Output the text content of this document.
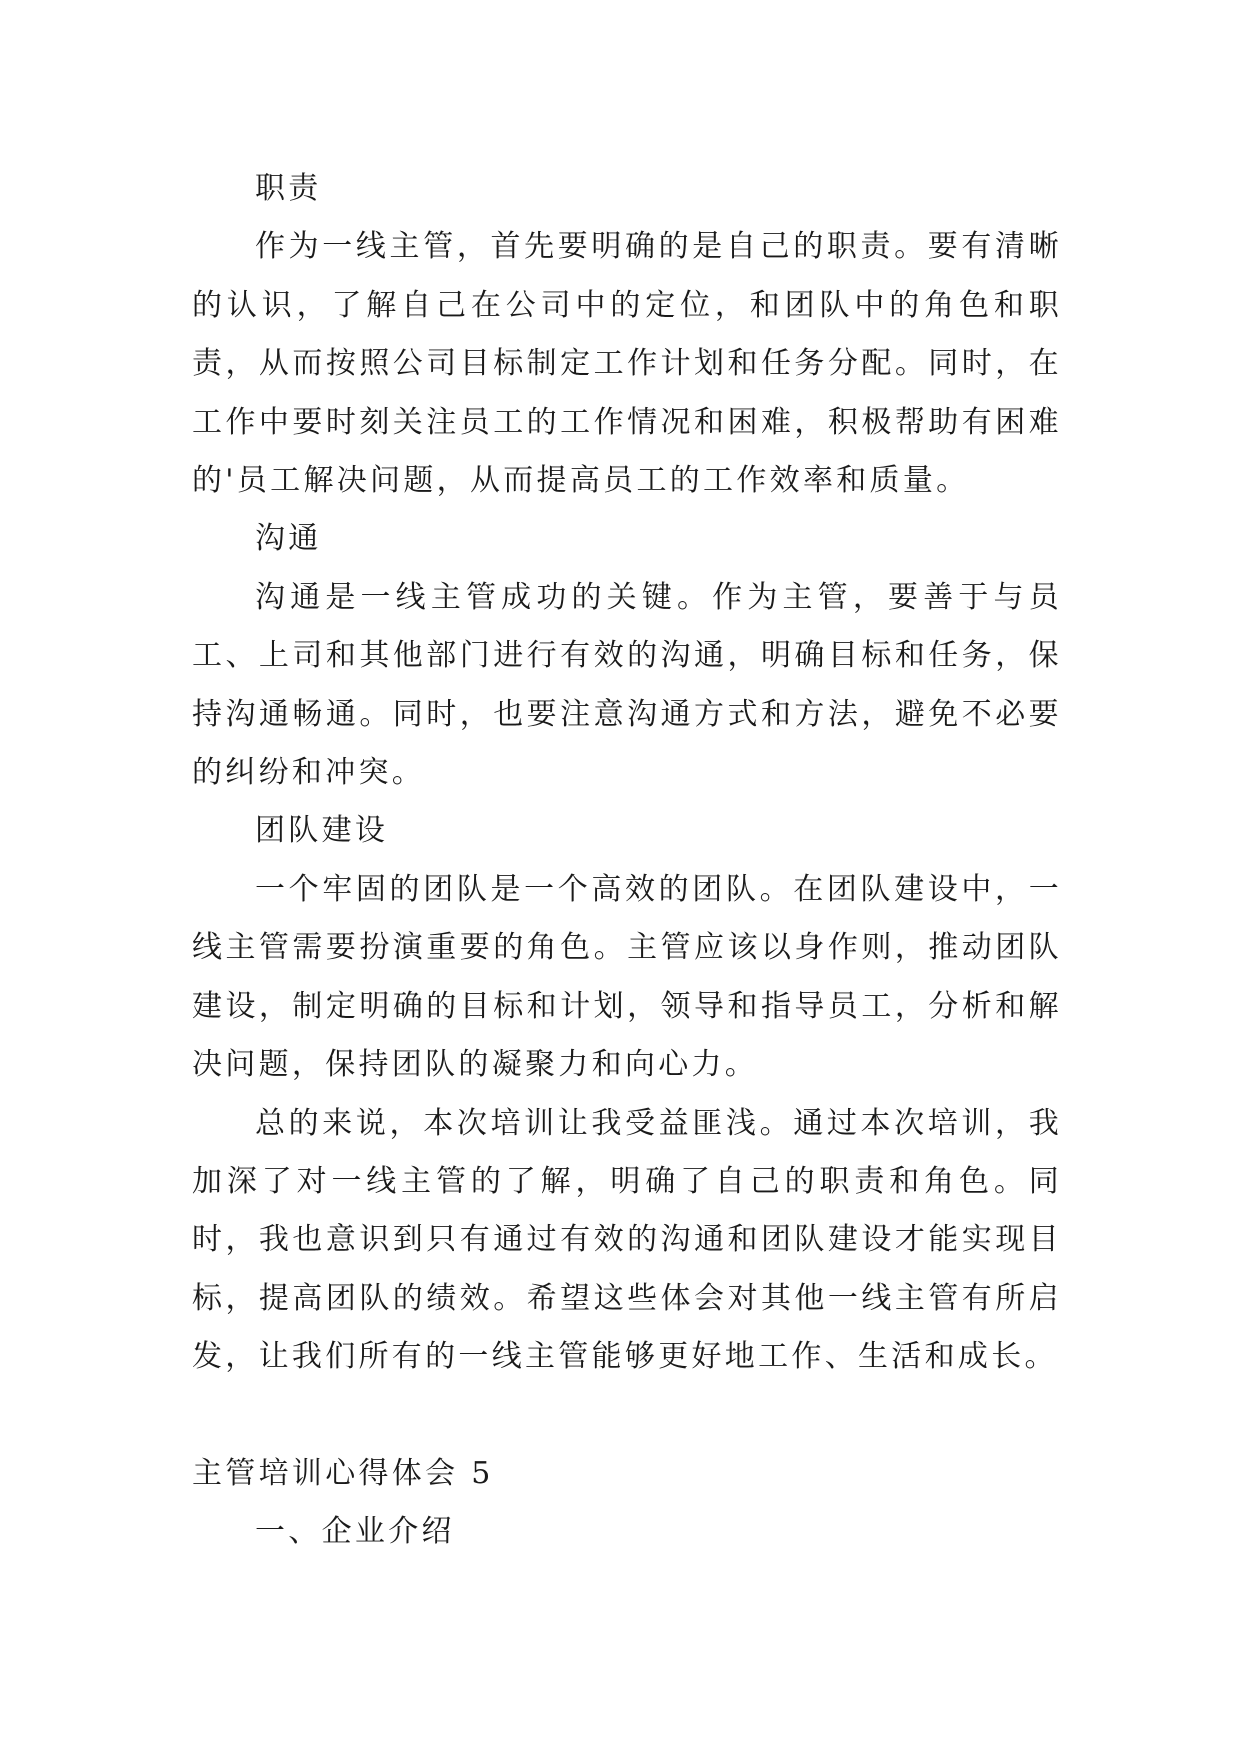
职责

作为一线主管，首先要明确的是自己的职责。要有清晰的认识，了解自己在公司中的定位，和团队中的角色和职责，从而按照公司目标制定工作计划和任务分配。同时，在工作中要时刻关注员工的工作情况和困难，积极帮助有困难的'员工解决问题，从而提高员工的工作效率和质量。

沟通

沟通是一线主管成功的关键。作为主管，要善于与员工、上司和其他部门进行有效的沟通，明确目标和任务，保持沟通畅通。同时，也要注意沟通方式和方法，避免不必要的纠纷和冲突。

团队建设

一个牢固的团队是一个高效的团队。在团队建设中，一线主管需要扮演重要的角色。主管应该以身作则，推动团队建设，制定明确的目标和计划，领导和指导员工，分析和解决问题，保持团队的凝聚力和向心力。

总的来说，本次培训让我受益匪浅。通过本次培训，我加深了对一线主管的了解，明确了自己的职责和角色。同时，我也意识到只有通过有效的沟通和团队建设才能实现目标，提高团队的绩效。希望这些体会对其他一线主管有所启发，让我们所有的一线主管能够更好地工作、生活和成长。

主管培训心得体会 5

一、企业介绍
